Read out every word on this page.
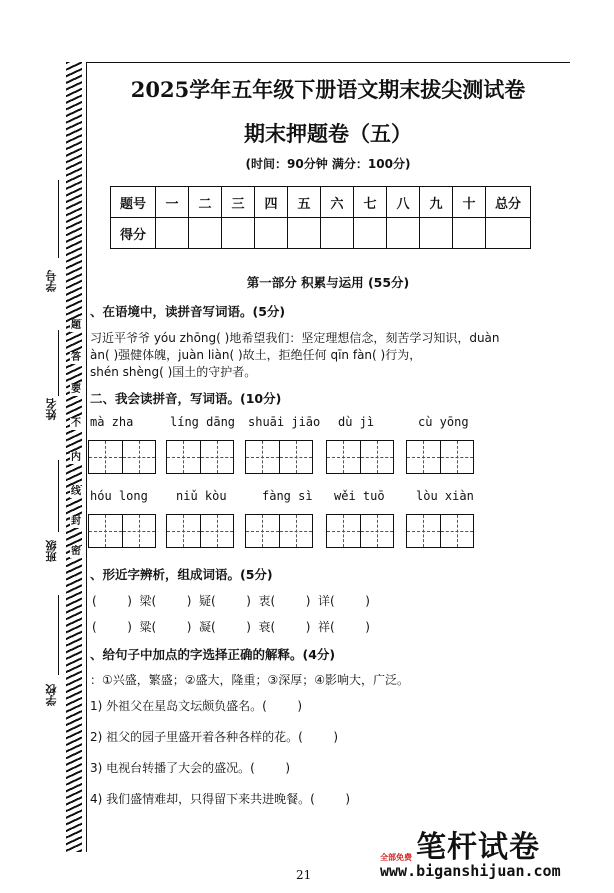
学号
姓名
班级
学校
题
答
要
不
内
线
封
密
2025学年五年级下册语文期末拔尖测试卷
期末押题卷（五）
(时间：90分钟 满分：100分)
题号	一	二	三	四	五	六	七	八	九	十	总分
得分											
第一部分 积累与运用 (55分)
、在语境中，读拼音写词语。(5分)
习近平爷爷 yóu zhōng( )地希望我们：坚定理想信念，刻苦学习知识，duàn
àn( )强健体魄，juàn liàn( )故土，拒绝任何 qīn fàn( )行为，
shén shèng( )国土的守护者。
二、我会读拼音，写词语。(10分)
mà zha	líng dāng shuāi jiāo dù jì	cù yōng
hóu long niǔ kòu	fàng sì wěi tuō	lòu xiàn
、形近字辨析，组成词语。(5分)
(        )  梁(        )  疑(        )  衷(        )  详(        )
(        )  粱(        )  凝(        )  衰(        )  祥(        )
、给句子中加点的字选择正确的解释。(4分)
：①兴盛，繁盛；②盛大，隆重；③深厚；④影响大，广泛。
1) 外祖父在星岛文坛颇负盛名。(        )
2) 祖父的园子里盛开着各种各样的花。(        )
3) 电视台转播了大会的盛况。(        )
4) 我们盛情难却，只得留下来共进晚餐。(        )
21
笔杆试卷
全部免费
www.biganshijuan.com
